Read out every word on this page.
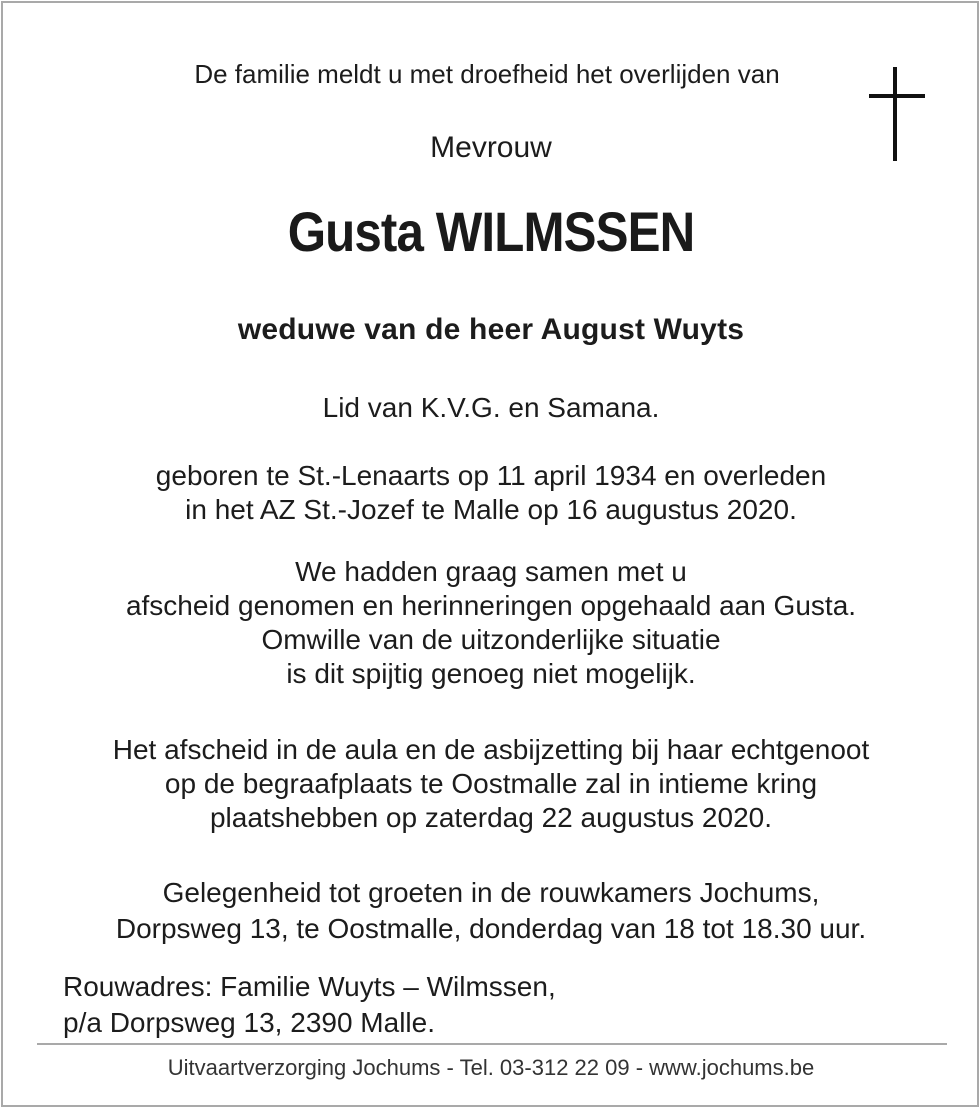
De familie meldt u met droefheid het overlijden van
Mevrouw
Gusta WILMSSEN
weduwe van de heer August Wuyts
Lid van K.V.G. en Samana.
geboren te St.-Lenaarts op 11 april 1934 en overleden
in het AZ St.-Jozef te Malle op 16 augustus 2020.
We hadden graag samen met u
afscheid genomen en herinneringen opgehaald aan Gusta.
Omwille van de uitzonderlijke situatie
is dit spijtig genoeg niet mogelijk.
Het afscheid in de aula en de asbijzetting bij haar echtgenoot
op de begraafplaats te Oostmalle zal in intieme kring
plaatshebben op zaterdag 22 augustus 2020.
Gelegenheid tot groeten in de rouwkamers Jochums,
Dorpsweg 13, te Oostmalle, donderdag van 18 tot 18.30 uur.
Rouwadres: Familie Wuyts – Wilmssen,
p/a Dorpsweg 13, 2390 Malle.
Uitvaartverzorging Jochums - Tel. 03-312 22 09 - www.jochums.be
